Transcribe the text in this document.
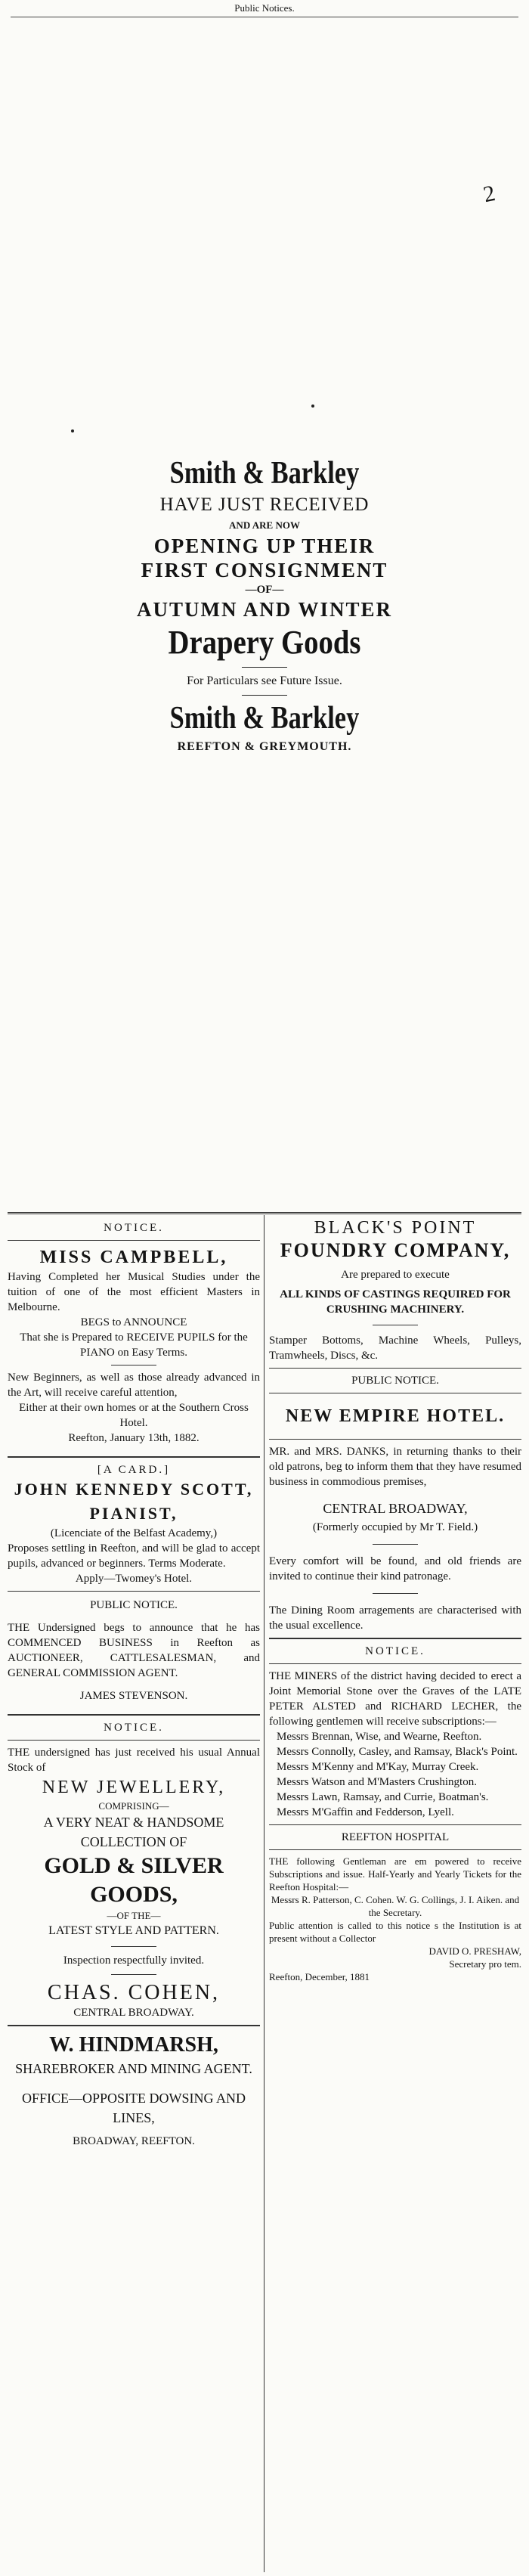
Public Notices.
2
Smith & Barkley
HAVE JUST RECEIVED
AND ARE NOW
OPENING UP THEIR
FIRST CONSIGNMENT
—OF—
AUTUMN AND WINTER
Drapery Goods
For Particulars see Future Issue.
Smith & Barkley
REEFTON & GREYMOUTH.
NOTICE.
MISS CAMPBELL,
Having Completed her Musical Studies under the tuition of one of the most efficient Masters in Melbourne.
BEGS to ANNOUNCE
That she is Prepared to RECEIVE PUPILS for the PIANO on Easy Terms.
New Beginners, as well as those already advanced in the Art, will receive careful attention,
Either at their own homes or at the Southern Cross Hotel.
Reefton, January 13th, 1882.
[A CARD.]
JOHN KENNEDY SCOTT,
PIANIST,
(Licenciate of the Belfast Academy,)
Proposes settling in Reefton, and will be glad to accept pupils, advanced or beginners. Terms Moderate.
Apply—Twomey's Hotel.
PUBLIC NOTICE.
THE Undersigned begs to announce that he has COMMENCED BUSINESS in Reefton as AUCTIONEER, CATTLESALESMAN, and GENERAL COMMISSION AGENT.
JAMES STEVENSON.
NOTICE.
THE undersigned has just received his usual Annual Stock of
NEW JEWELLERY,
COMPRISING—
A VERY NEAT & HANDSOME COLLECTION OF
GOLD & SILVER GOODS,
—OF THE—
LATEST STYLE AND PATTERN.
Inspection respectfully invited.
CHAS. COHEN,
CENTRAL BROADWAY.
W. HINDMARSH,
SHAREBROKER AND MINING AGENT.
OFFICE—OPPOSITE DOWSING AND LINES,
BROADWAY, REEFTON.
BLACK'S POINT
FOUNDRY COMPANY,
Are prepared to execute
ALL KINDS OF CASTINGS REQUIRED FOR CRUSHING MACHINERY.
Stamper Bottoms, Machine Wheels, Pulleys, Tramwheels, Discs, &c.
PUBLIC NOTICE.
NEW EMPIRE HOTEL.
MR. and MRS. DANKS, in returning thanks to their old patrons, beg to inform them that they have resumed business in commodious premises,
CENTRAL BROADWAY,
(Formerly occupied by Mr T. Field.)
Every comfort will be found, and old friends are invited to continue their kind patronage.
The Dining Room arragements are characterised with the usual excellence.
NOTICE.
THE MINERS of the district having decided to erect a Joint Memorial Stone over the Graves of the LATE PETER ALSTED and RICHARD LECHER, the following gentlemen will receive subscriptions:—
Messrs Brennan, Wise, and Wearne, Reefton.
Messrs Connolly, Casley, and Ramsay, Black's Point.
Messrs M'Kenny and M'Kay, Murray Creek.
Messrs Watson and M'Masters Crushington.
Messrs Lawn, Ramsay, and Currie, Boatman's.
Messrs M'Gaffin and Fedderson, Lyell.
REEFTON HOSPITAL
THE following Gentleman are em powered to receive Subscriptions and issue. Half-Yearly and Yearly Tickets for the Reefton Hospital:—
Messrs R. Patterson, C. Cohen. W. G. Collings, J. I. Aiken. and the Secretary.
Public attention is called to this notice s the Institution is at present without a Collector
DAVID O. PRESHAW,
Secretary pro tem.
Reefton, December, 1881
